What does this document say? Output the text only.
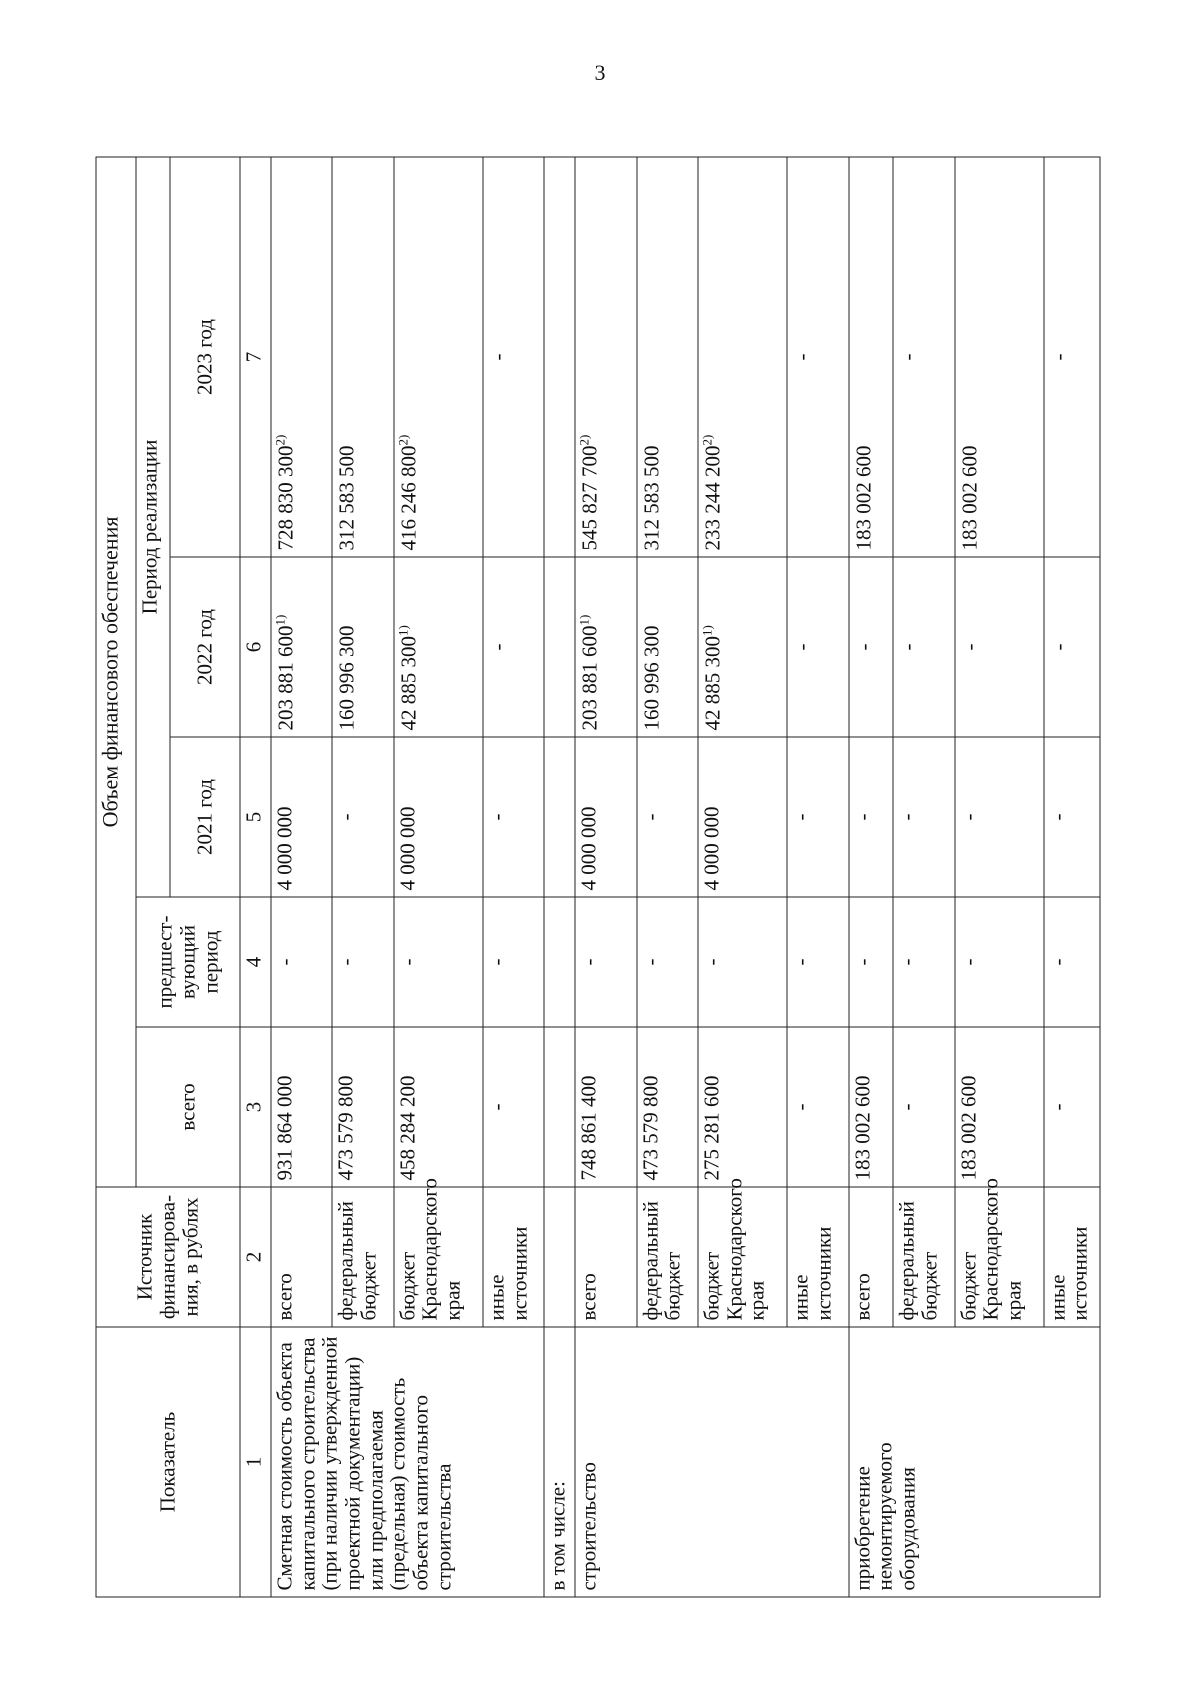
3
Показатель	Источник финансирова- ния, в рублях	Объем финансового обеспечения				
		всего	предшест- вующий период	Период реализации		
				2021 год	2022 год	2023 год
1	2	3	4	5	6	7
Сметная стоимость объекта капитального строительства (при наличии утвержденной проектной документации) или предполагаемая (предельная) стоимость объекта капитального строительства	всего	931 864 000	-	4 000 000	203 881 600$^{1)}$	728 830 300$^{2)}$
	федеральный бюджет	473 579 800	-	-	160 996 300	312 583 500
	бюджет Краснодарского края	458 284 200	-	4 000 000	42 885 300$^{1)}$	416 246 800$^{2)}$
	иные источники	-	-	-	-	-
в том числе:						
строительство	всего	748 861 400	-	4 000 000	203 881 600$^{1)}$	545 827 700$^{2)}$
	федеральный бюджет	473 579 800	-	-	160 996 300	312 583 500
	бюджет Краснодарского края	275 281 600	-	4 000 000	42 885 300$^{1)}$	233 244 200$^{2)}$
	иные источники	-	-	-	-	-
приобретение немонтируемого оборудования	всего	183 002 600	-	-	-	183 002 600
	федеральный бюджет	-	-	-	-	-
	бюджет Краснодарского края	183 002 600	-	-	-	183 002 600
	иные источники	-	-	-	-	-
